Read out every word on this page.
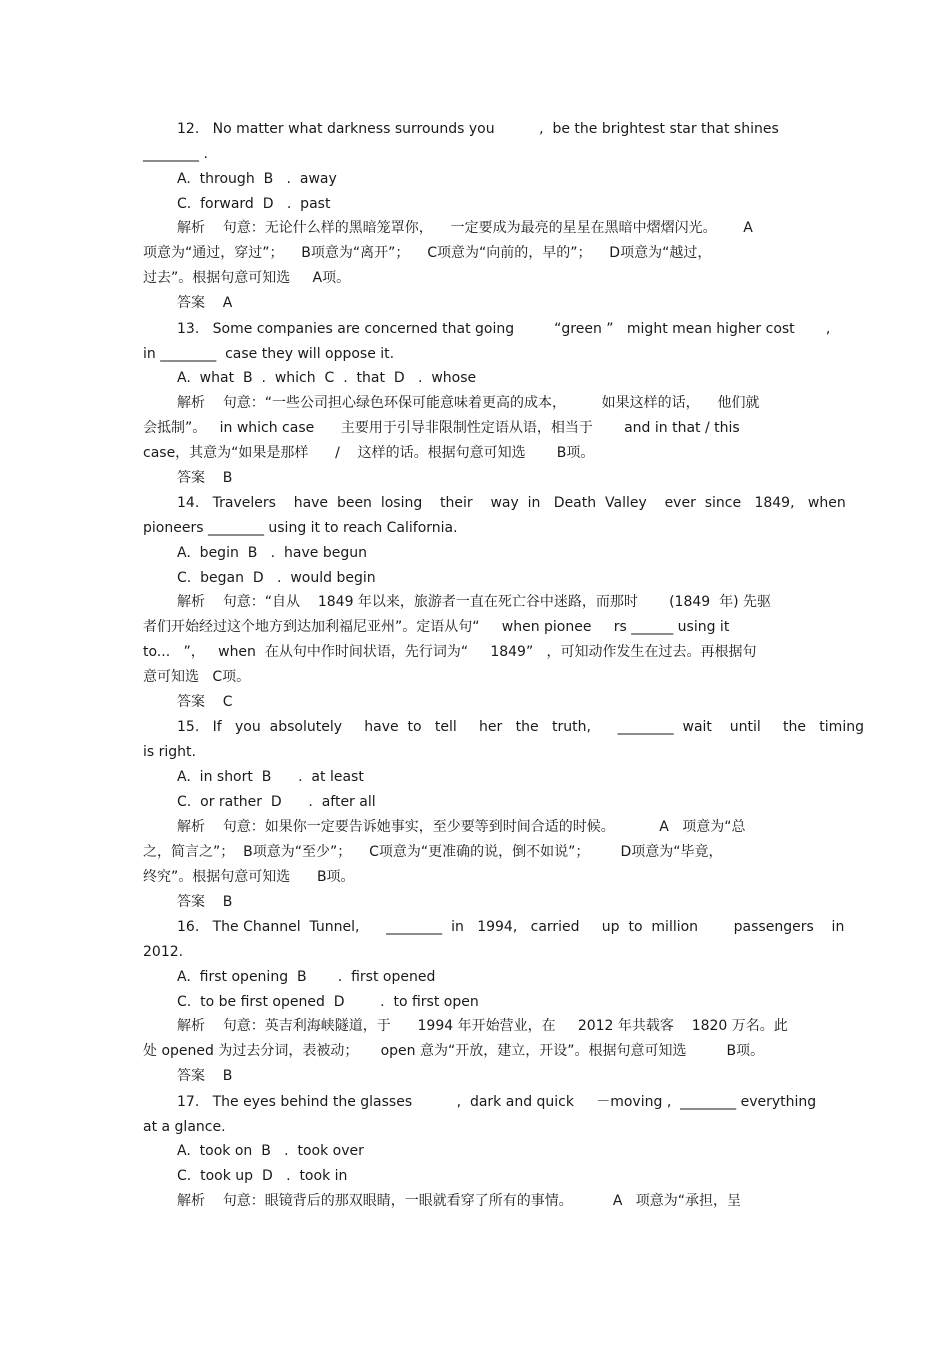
12.   No matter what darkness surrounds you          ,  be the brightest star that shines
________ .
A.  through  B   .  away
C.  forward  D   .  past
解析    句意：无论什么样的黑暗笼罩你，    一定要成为最亮的星星在黑暗中熠熠闪光。      A
项意为“通过，穿过”；    B项意为“离开”；    C项意为“向前的，早的”；    D项意为“越过，
过去”。根据句意可知选     A项。
答案    A
13.   Some companies are concerned that going         “green ”   might mean higher cost       ,
in ________  case they will oppose it.
A.  what  B  .  which  C  .  that  D   .  whose
解析    句意：“一些公司担心绿色环保可能意味着更高的成本，        如果这样的话，    他们就
会抵制”。   in which case      主要用于引导非限制性定语从语，相当于       and in that / this
case，其意为“如果是那样      /    这样的话。根据句意可知选       B项。
答案    B
14.   Travelers    have  been  losing    their    way  in   Death  Valley    ever  since   1849,   when
pioneers ________ using it to reach California.
A.  begin  B   .  have begun
C.  began  D   .  would begin
解析    句意：“自从    1849 年以来，旅游者一直在死亡谷中迷路，而那时       (1849  年) 先驱
者们开始经过这个地方到达加利福尼亚州”。定语从句“     when pionee     rs ______ using it
to...   ”，   when  在从句中作时间状语，先行词为“     1849”   ，可知动作发生在过去。再根据句
意可知选   C项。
答案    C
15.   If   you  absolutely     have  to   tell     her   the   truth,      ________  wait    until     the   timing
is right.
A.  in short  B      .  at least
C.  or rather  D      .  after all
解析    句意：如果你一定要告诉她事实，至少要等到时间合适的时候。          A   项意为“总
之，简言之”；  B项意为“至少”；    C项意为“更准确的说，倒不如说”；       D项意为“毕竟，
终究”。根据句意可知选      B项。
答案    B
16.   The Channel  Tunnel,      ________  in   1994,   carried     up  to  million        passengers    in
2012.
A.  first opening  B       .  first opened
C.  to be first opened  D        .  to first open
解析    句意：英吉利海峡隧道，于      1994 年开始营业，在     2012 年共载客    1820 万名。此
处 opened 为过去分词，表被动；     open 意为“开放，建立，开设”。根据句意可知选         B项。
答案    B
17.   The eyes behind the glasses          ,  dark and quick     －moving ,  ________ everything
at a glance.
A.  took on  B   .  took over
C.  took up  D   .  took in
解析    句意：眼镜背后的那双眼睛，一眼就看穿了所有的事情。         A   项意为“承担，呈
